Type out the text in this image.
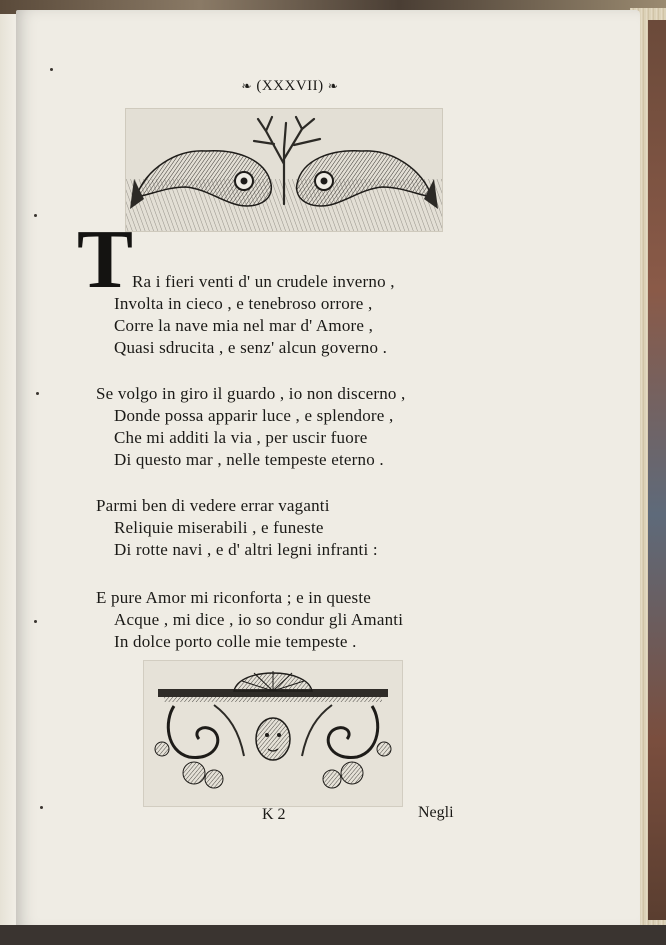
❧ (XXXVII) ❧
T
Ra i fieri venti d' un crudele inverno ,
Involta in cieco , e tenebroso orrore ,
Corre la nave mia nel mar d' Amore ,
Quasi sdrucita , e senz' alcun governo .
Se volgo in giro il guardo , io non discerno ,
Donde possa apparir luce , e splendore ,
Che mi additi la via , per uscir fuore
Di questo mar , nelle tempeste eterno .
Parmi ben di vedere errar vaganti
Reliquie miserabili , e funeste
Di rotte navi , e d' altri legni infranti :
E pure Amor mi riconforta ; e in queste
Acque , mi dice , io so condur gli Amanti
In dolce porto colle mie tempeste .
K 2	Negli
